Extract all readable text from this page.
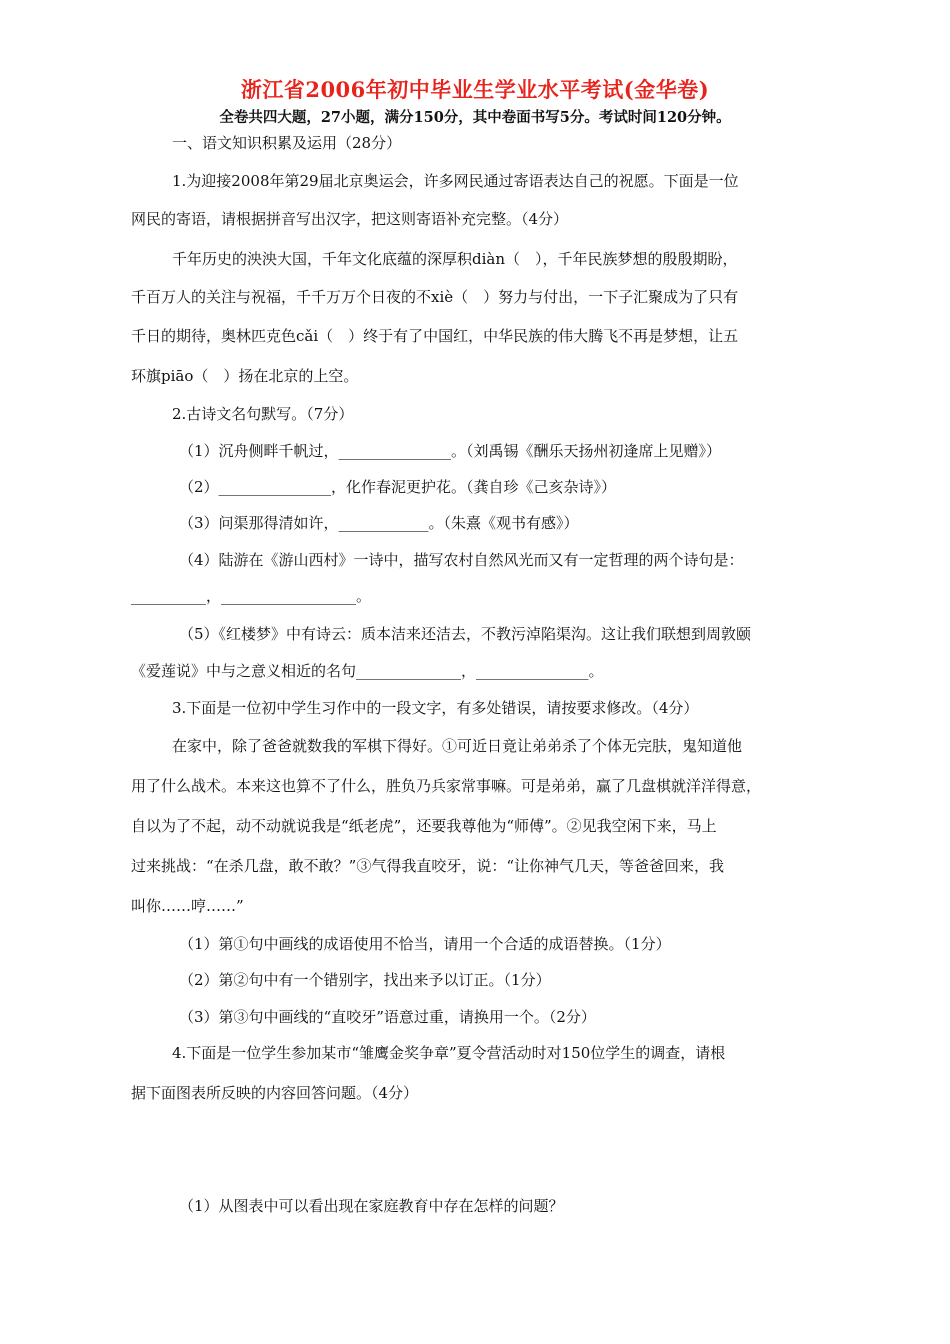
浙江省2006年初中毕业生学业水平考试(金华卷)
全卷共四大题，27小题，满分150分，其中卷面书写5分。考试时间120分钟。
一、语文知识积累及运用（28分）
1.为迎接2008年第29届北京奥运会，许多网民通过寄语表达自己的祝愿。下面是一位
网民的寄语，请根据拼音写出汉字，把这则寄语补充完整。（4分）
千年历史的泱泱大国，千年文化底蕴的深厚积diàn（　），千年民族梦想的殷殷期盼，
千百万人的关注与祝福，千千万万个日夜的不xiè（　）努力与付出，一下子汇聚成为了只有
千日的期待，奥林匹克色cǎi（　）终于有了中国红，中华民族的伟大腾飞不再是梦想，让五
环旗piāo（　）扬在北京的上空。
2.古诗文名句默写。（7分）
（1）沉舟侧畔千帆过，_______________。（刘禹锡《酬乐天扬州初逢席上见赠》）
（2）_______________，化作春泥更护花。（龚自珍《己亥杂诗》）
（3）问渠那得清如许，____________。（朱熹《观书有感》）
（4）陆游在《游山西村》一诗中，描写农村自然风光而又有一定哲理的两个诗句是：
__________，__________________。
（5）《红楼梦》中有诗云：质本洁来还洁去，不教污淖陷渠沟。这让我们联想到周敦颐
《爱莲说》中与之意义相近的名句______________，_______________。
3.下面是一位初中学生习作中的一段文字，有多处错误，请按要求修改。（4分）
在家中，除了爸爸就数我的军棋下得好。①可近日竟让弟弟杀了个体无完肤，鬼知道他
用了什么战术。本来这也算不了什么，胜负乃兵家常事嘛。可是弟弟，赢了几盘棋就洋洋得意，
自以为了不起，动不动就说我是“纸老虎”，还要我尊他为“师傅”。②见我空闲下来，马上
过来挑战：“在杀几盘，敢不敢？”③气得我直咬牙，说：“让你神气几天，等爸爸回来，我
叫你……哼……”
（1）第①句中画线的成语使用不恰当，请用一个合适的成语替换。（1分）
（2）第②句中有一个错别字，找出来予以订正。（1分）
（3）第③句中画线的“直咬牙”语意过重，请换用一个。（2分）
4.下面是一位学生参加某市“雏鹰金奖争章”夏令营活动时对150位学生的调查，请根
据下面图表所反映的内容回答问题。（4分）
（1）从图表中可以看出现在家庭教育中存在怎样的问题？
